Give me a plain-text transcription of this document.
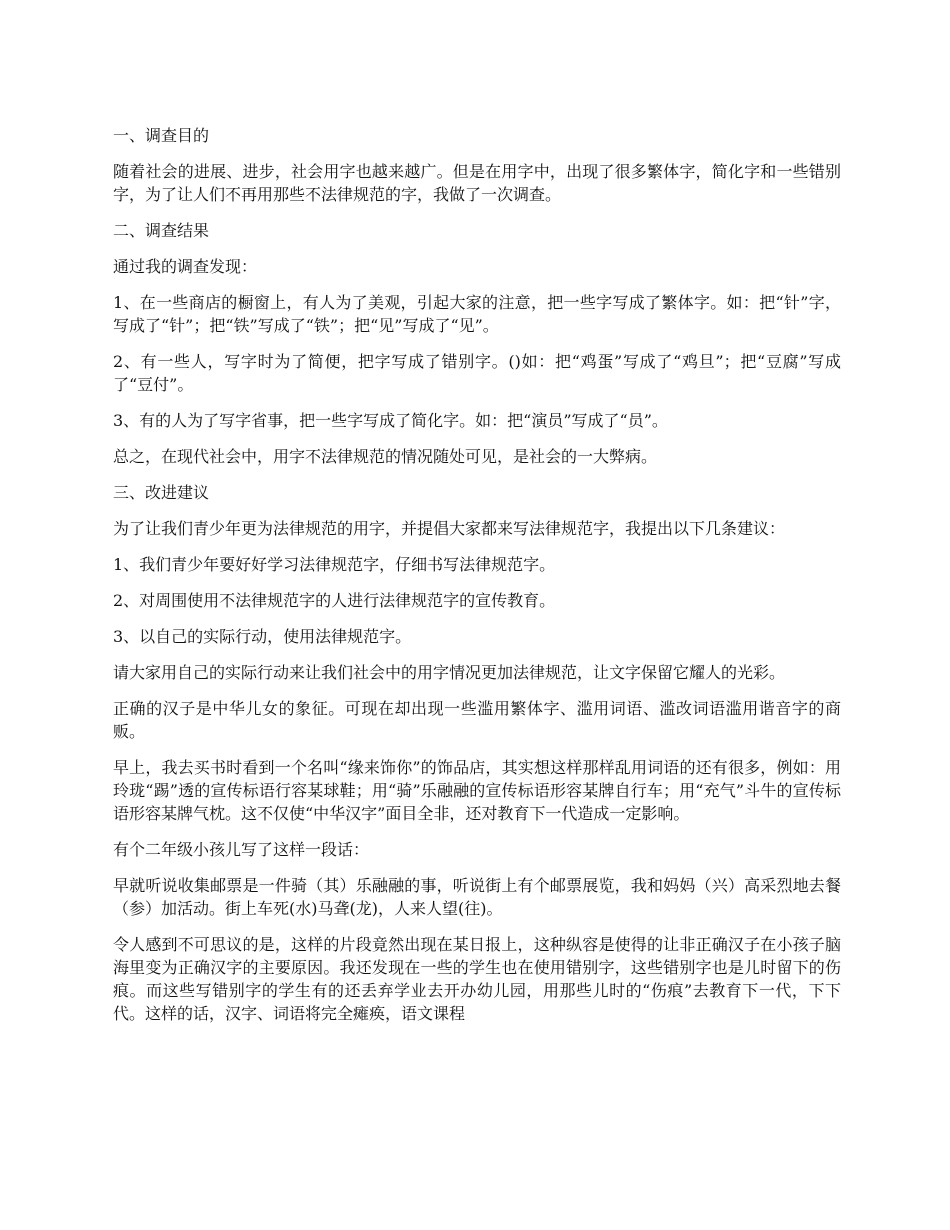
一、调查目的

随着社会的进展、进步，社会用字也越来越广。但是在用字中，出现了很多繁体字，简化字和一些错别字，为了让人们不再用那些不法律规范的字，我做了一次调查。

二、调查结果

通过我的调查发现：

1、在一些商店的橱窗上，有人为了美观，引起大家的注意，把一些字写成了繁体字。如：把“针”字，写成了“针”；把“铁”写成了“铁”；把“见”写成了“见”。

2、有一些人，写字时为了简便，把字写成了错别字。()如：把“鸡蛋”写成了“鸡旦”；把“豆腐”写成了“豆付”。

3、有的人为了写字省事，把一些字写成了简化字。如：把“演员”写成了“员”。

总之，在现代社会中，用字不法律规范的情况随处可见，是社会的一大弊病。

三、改进建议

为了让我们青少年更为法律规范的用字，并提倡大家都来写法律规范字，我提出以下几条建议：

1、我们青少年要好好学习法律规范字，仔细书写法律规范字。

2、对周围使用不法律规范字的人进行法律规范字的宣传教育。

3、以自己的实际行动，使用法律规范字。

请大家用自己的实际行动来让我们社会中的用字情况更加法律规范，让文字保留它耀人的光彩。

正确的汉子是中华儿女的象征。可现在却出现一些滥用繁体字、滥用词语、滥改词语滥用谐音字的商贩。

早上，我去买书时看到一个名叫“缘来饰你”的饰品店，其实想这样那样乱用词语的还有很多，例如：用玲珑“踢”透的宣传标语行容某球鞋；用“骑”乐融融的宣传标语形容某牌自行车；用“充气”斗牛的宣传标语形容某牌气枕。这不仅使“中华汉字”面目全非，还对教育下一代造成一定影响。

有个二年级小孩儿写了这样一段话：

早就听说收集邮票是一件骑（其）乐融融的事，听说街上有个邮票展览，我和妈妈（兴）高采烈地去餐（参）加活动。街上车死(水)马聋(龙)，人来人望(往)。

令人感到不可思议的是，这样的片段竟然出现在某日报上，这种纵容是使得的让非正确汉子在小孩子脑海里变为正确汉字的主要原因。我还发现在一些的学生也在使用错别字，这些错别字也是儿时留下的伤痕。而这些写错别字的学生有的还丢弃学业去开办幼儿园，用那些儿时的“伤痕”去教育下一代，下下代。这样的话，汉字、词语将完全瘫痪，语文课程
